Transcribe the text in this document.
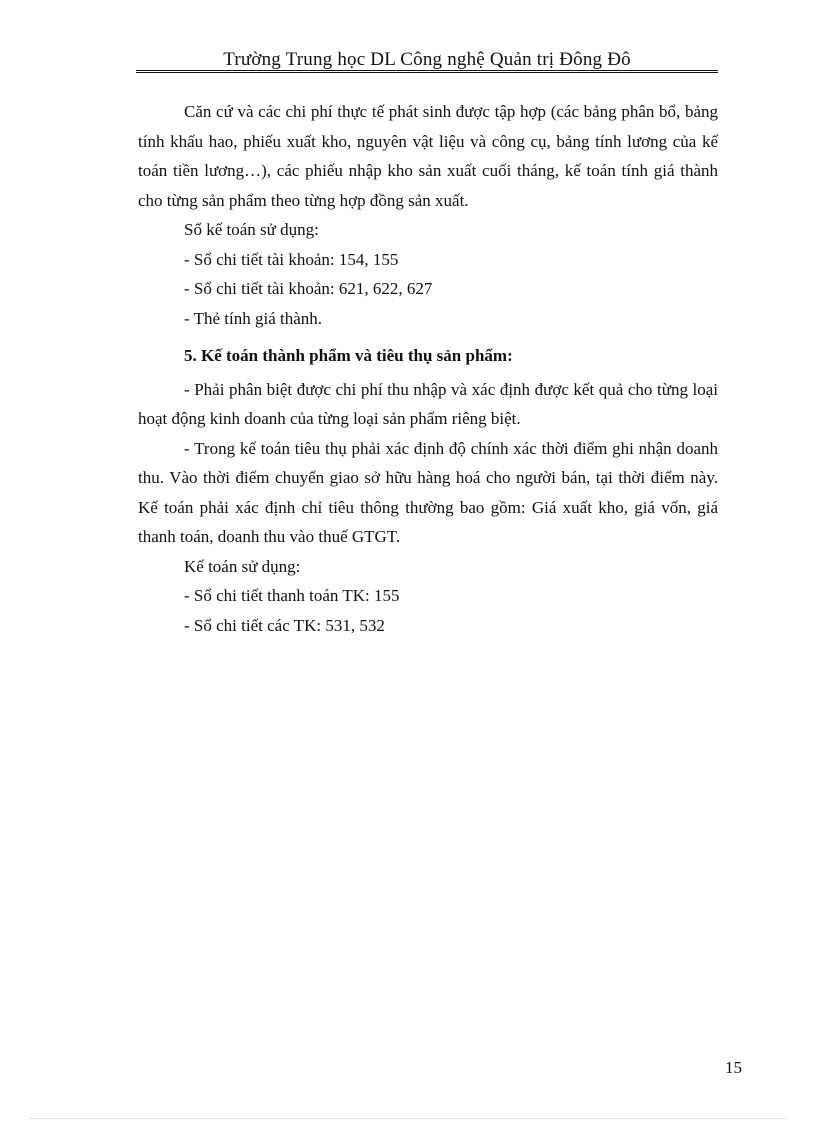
Trường Trung học DL Công nghệ Quản trị Đông Đô

Căn cứ và các chi phí thực tế phát sinh được tập hợp (các bảng phân bổ, bảng tính khấu hao, phiếu xuất kho, nguyên vật liệu và công cụ, bảng tính lương của kế toán tiền lương…), các phiếu nhập kho sản xuất cuối tháng, kế toán tính giá thành cho từng sản phẩm theo từng hợp đồng sản xuất.

Sổ kế toán sử dụng:

- Sổ chi tiết tài khoản: 154, 155

- Sổ chi tiết tài khoản: 621, 622, 627

- Thẻ tính giá thành.

5. Kế toán thành phẩm và tiêu thụ sản phẩm:

- Phải phân biệt được chi phí thu nhập và xác định được kết quả cho từng loại hoạt động kinh doanh của từng loại sản phẩm riêng biệt.

- Trong kế toán tiêu thụ phải xác định độ chính xác thời điểm ghi nhận doanh thu. Vào thời điểm chuyển giao sở hữu hàng hoá cho người bán, tại thời điểm này. Kế toán phải xác định chỉ tiêu thông thường bao gồm: Giá xuất kho, giá vốn, giá thanh toán, doanh thu vào thuế GTGT.

Kế toán sử dụng:

- Sổ chi tiết thanh toán TK: 155

- Sổ chi tiết các TK: 531, 532

15
